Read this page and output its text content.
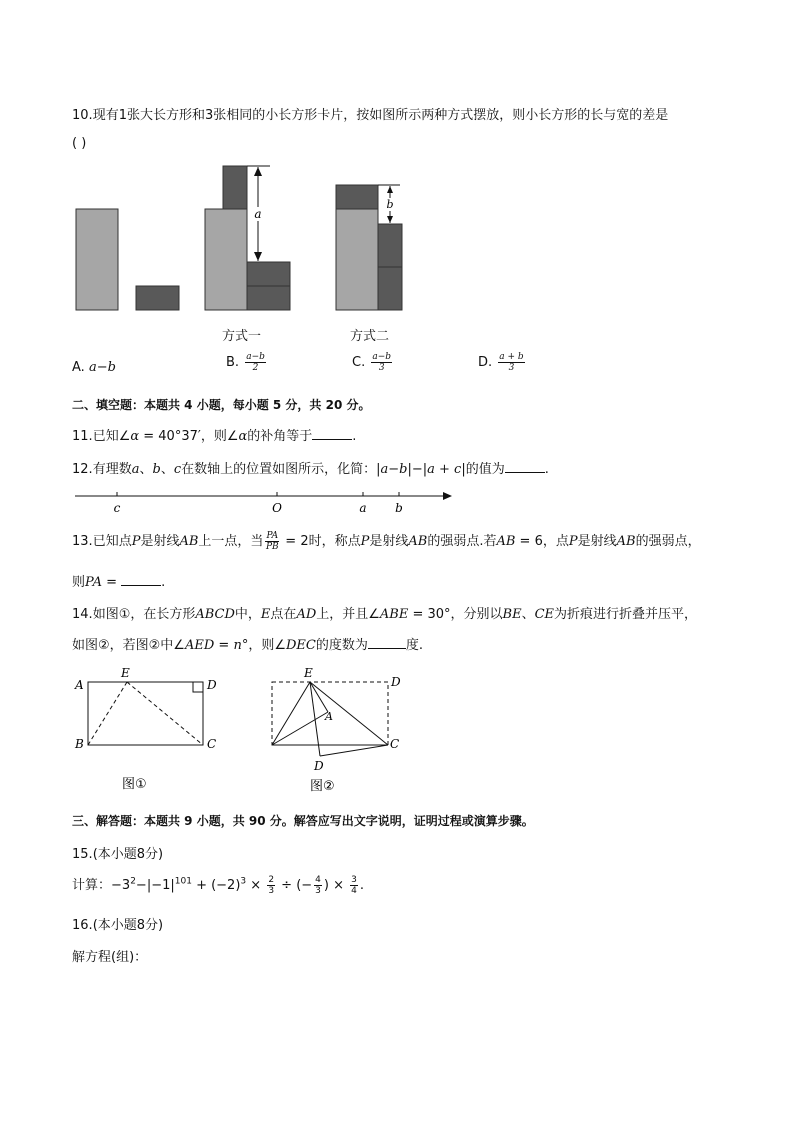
10.现有1张大长方形和3张相同的小长方形卡片，按如图所示两种方式摆放，则小长方形的长与宽的差是
( )
a
b
方式一	方式二
A. a−b	B. $\frac{a-b}{2}$	C. $\frac{a-b}{3}$	D. $\frac{a + b}{3}$
二、填空题：本题共 4 小题，每小题 5 分，共 20 分。
11.已知∠α = 40°37′，则∠α的补角等于	.
12.有理数a、b、c在数轴上的位置如图所示，化简：|a−b|−|a + c|的值为	.
c	O	a b
13.已知点P是射线AB上一点，当 $\frac{PA}{PB} = 2$时，称点P是射线AB的强弱点.若AB = 6，点P是射线AB的强弱点，
则PA =	.
14.如图①，在长方形ABCD中，E点在AD上，并且∠ABE = 30°，分别以BE、CE为折痕进行折叠并压平，
如图②，若图②中∠AED = n°，则∠DEC的度数为	度.
A
E
D
B	C
图①
E
D
A
C
D
图②
三、解答题：本题共 9 小题，共 90 分。解答应写出文字说明，证明过程或演算步骤。
15.(本小题8分)
计算：$-3^2-|-1|^{101} + (-2)^3 \times \frac{2}{3}$ ÷ (− $\frac{4}{3}$ ) × $\frac{3}{4}$ .
16.(本小题8分)
解方程(组)：
